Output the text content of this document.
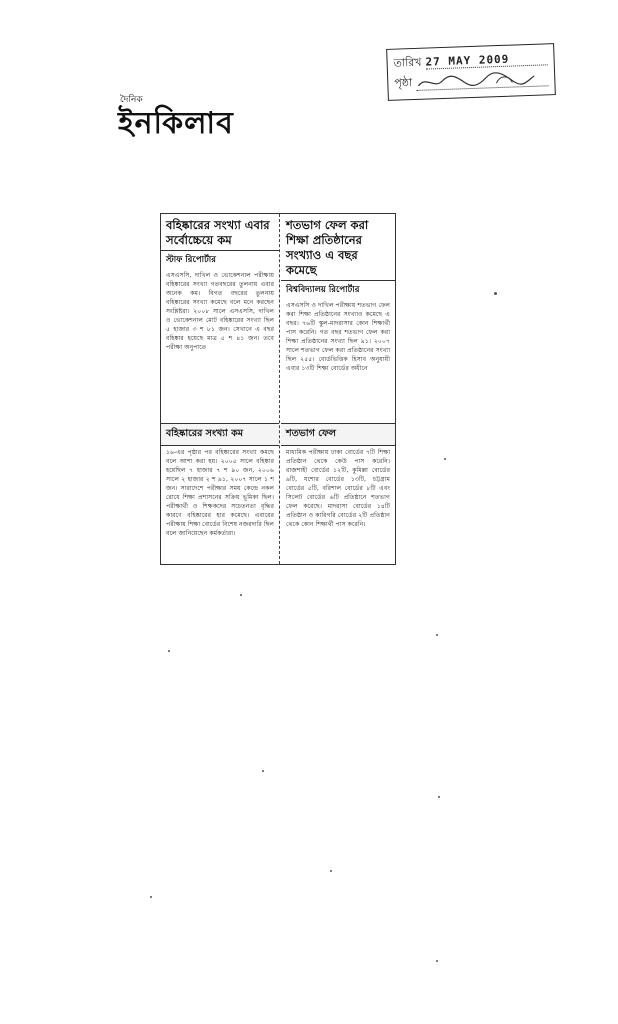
তারিখ 27 MAY 2009
পৃষ্ঠা
দৈনিক
ইনকিলাব
বহিষ্কারের সংখ্যা এবার সর্বোচ্চেয়ে কম
স্টাফ রিপোর্টার
এসএসসি, দাখিল ও ভোকেশনাল পরীক্ষায় বহিষ্কারের সংখ্যা গতবছরের তুলনায় এবার অনেক কম। বিগত বছরের তুলনায় বহিষ্কারের সংখ্যা কমেছে বলে মনে করছেন সংশ্লিষ্টরা। ২০০৮ সালে এসএসসি, দাখিল ও ভোকেশনাল মোট বহিষ্কারের সংখ্যা ছিল ৫ হাজার ৩ শ ৮১ জন। সেখানে এ বছর বহিষ্কার হয়েছে মাত্র ৫ শ ৪১ জন। তবে পরীক্ষা অনুপাতে
বহিষ্কারের সংখ্যা কম
১৬-এর পৃষ্ঠার পর বহিষ্কারের সংখ্যা কমছে বলে আশা করা হয়। ২০০৫ সালে বহিষ্কার হয়েছিল ৭ হাজার ৭ শ ৯০ জন, ২০০৬ সালে ২ হাজার ২ শ ৯১, ২০০৭ সালে ১ শ জন। সারাদেশে পরীক্ষার সময় কেন্দ্রে নকল রোধে শিক্ষা প্রশাসনের সক্রিয় ভূমিকা ছিল। পরীক্ষার্থী ও শিক্ষকদের সচেতনতা বৃদ্ধির কারণে বহিষ্কারের হার কমেছে। এবারের পরীক্ষায় শিক্ষা বোর্ডের বিশেষ নজরদারি ছিল বলে জানিয়েছেন কর্মকর্তারা।
শতভাগ ফেল করা শিক্ষা প্রতিষ্ঠানের সংখ্যাও এ বছর কমেছে
বিশ্ববিদ্যালয় রিপোর্টার
এসএসসি ও দাখিল পরীক্ষায় শতভাগ ফেল করা শিক্ষা প্রতিষ্ঠানের সংখ্যাও কমেছে এ বছর। ৭৬টি স্কুল-মাদরাসার কোন শিক্ষার্থী পাস করেনি। গত বছর শতভাগ ফেল করা শিক্ষা প্রতিষ্ঠানের সংখ্যা ছিল ৯১। ২০০৭ সালে শতভাগ ফেল করা প্রতিষ্ঠানের সংখ্যা ছিল ২৫৫। বোর্ডভিত্তিক হিসাব অনুযায়ী এবার ১৩টি শিক্ষা বোর্ডের অধীনে
শতভাগ ফেল
মাধ্যমিক পরীক্ষায় ঢাকা বোর্ডের ৭টি শিক্ষা প্রতিষ্ঠান থেকে কেউ পাস করেনি। রাজশাহী বোর্ডের ১২টি, কুমিল্লা বোর্ডের ৯টি, যশোর বোর্ডের ১৩টি, চট্টগ্রাম বোর্ডের ৫টি, বরিশাল বোর্ডের ৮টি এবং সিলেট বোর্ডের ৬টি প্রতিষ্ঠানে শতভাগ ফেল করেছে। মাদরাসা বোর্ডের ১৪টি প্রতিষ্ঠান ও কারিগরি বোর্ডের ২টি প্রতিষ্ঠান থেকে কোন শিক্ষার্থী পাস করেনি।
